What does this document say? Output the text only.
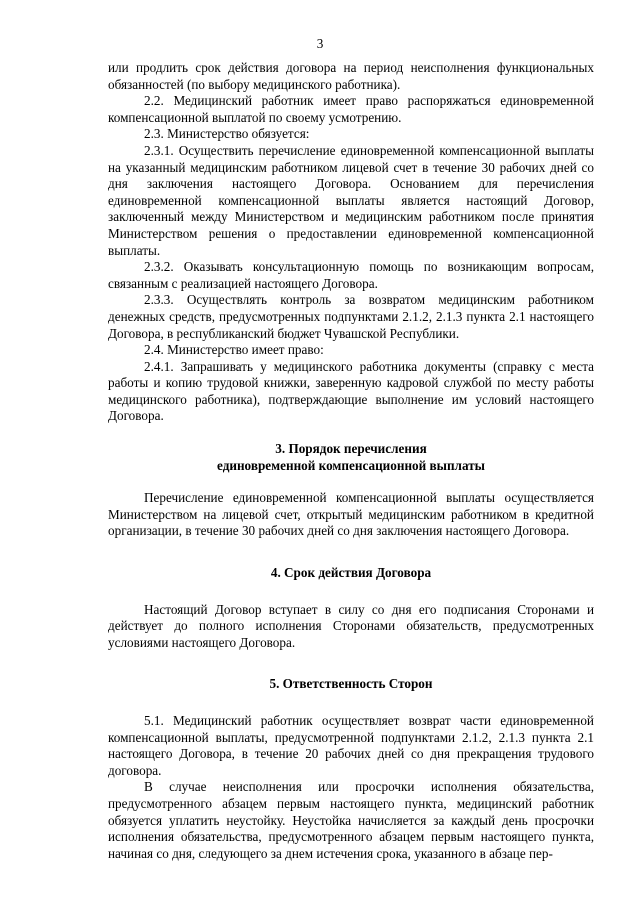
3

или продлить срок действия договора на период неисполнения функциональных обязанностей (по выбору медицинского работника).

2.2. Медицинский работник имеет право распоряжаться единовременной компенсационной выплатой по своему усмотрению.

2.3. Министерство обязуется:

2.3.1. Осуществить перечисление единовременной компенсационной выплаты на указанный медицинским работником лицевой счет в течение 30 рабочих дней со дня заключения настоящего Договора. Основанием для перечисления единовременной компенсационной выплаты является настоящий Договор, заключенный между Министерством и медицинским работником после принятия Министерством решения о предоставлении единовременной компенсационной выплаты.

2.3.2. Оказывать консультационную помощь по возникающим вопросам, связанным с реализацией настоящего Договора.

2.3.3. Осуществлять контроль за возвратом медицинским работником денежных средств, предусмотренных подпунктами 2.1.2, 2.1.3 пункта 2.1 настоящего Договора, в республиканский бюджет Чувашской Республики.

2.4. Министерство имеет право:

2.4.1. Запрашивать у медицинского работника документы (справку с места работы и копию трудовой книжки, заверенную кадровой службой по месту работы медицинского работника), подтверждающие выполнение им условий настоящего Договора.

3. Порядок перечисления

единовременной компенсационной выплаты

Перечисление единовременной компенсационной выплаты осуществляется Министерством на лицевой счет, открытый медицинским работником в кредитной организации, в течение 30 рабочих дней со дня заключения настоящего Договора.

4. Срок действия Договора

Настоящий Договор вступает в силу со дня его подписания Сторонами и действует до полного исполнения Сторонами обязательств, предусмотренных условиями настоящего Договора.

5. Ответственность Сторон

5.1. Медицинский работник осуществляет возврат части единовременной компенсационной выплаты, предусмотренной подпунктами 2.1.2, 2.1.3 пункта 2.1 настоящего Договора, в течение 20 рабочих дней со дня прекращения трудового договора.

В случае неисполнения или просрочки исполнения обязательства, предусмотренного абзацем первым настоящего пункта, медицинский работник обязуется уплатить неустойку. Неустойка начисляется за каждый день просрочки исполнения обязательства, предусмотренного абзацем первым настоящего пункта, начиная со дня, следующего за днем истечения срока, указанного в абзаце пер-
